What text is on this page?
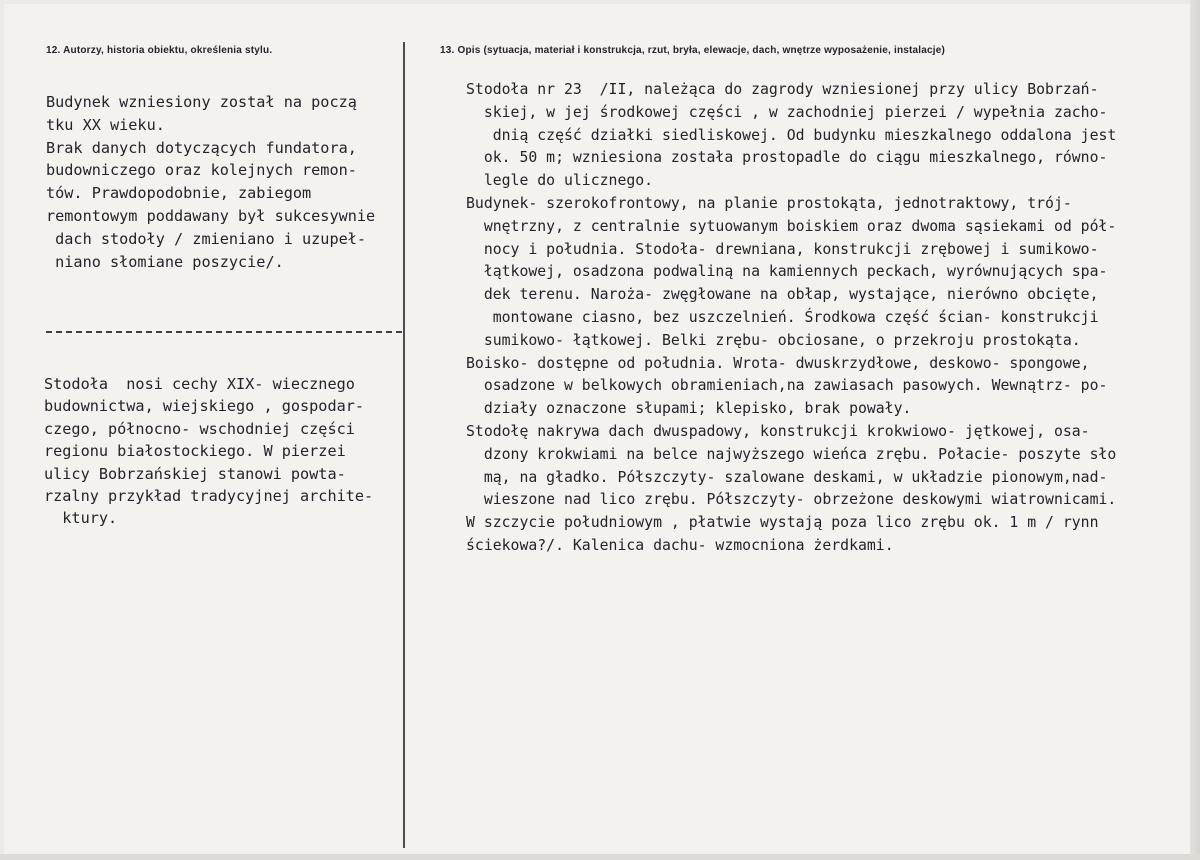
12. Autorzy, historia obiektu, określenia stylu.	13. Opis (sytuacja, materiał i konstrukcja, rzut, bryła, elewacje, dach, wnętrze wyposażenie, instalacje)
Budynek wzniesiony został na począ
tku XX wieku.
Brak danych dotyczących fundatora,
budowniczego oraz kolejnych remon-
tów. Prawdopodobnie, zabiegom
remontowym poddawany był sukcesywnie
dach stodoły / zmieniano i uzupeł-
niano słomiane poszycie/.
Stodoła  nosi cechy XIX- wiecznego
budownictwa, wiejskiego , gospodar-
czego, północno- wschodniej części
regionu białostockiego. W pierzei
ulicy Bobrzańskiej stanowi powta-
rzalny przykład tradycyjnej archite-
ktury.
Stodoła nr 23  /II, należąca do zagrody wzniesionej przy ulicy Bobrzań-
skiej, w jej środkowej części , w zachodniej pierzei / wypełnia zacho-
dnią część działki siedliskowej. Od budynku mieszkalnego oddalona jest
ok. 50 m; wzniesiona została prostopadle do ciągu mieszkalnego, równo-
legle do ulicznego.
Budynek- szerokofrontowy, na planie prostokąta, jednotraktowy, trój-
wnętrzny, z centralnie sytuowanym boiskiem oraz dwoma sąsiekami od pół-
nocy i południa. Stodoła- drewniana, konstrukcji zrębowej i sumikowo-
łątkowej, osadzona podwaliną na kamiennych peckach, wyrównujących spa-
dek terenu. Naroża- zwęgłowane na obłap, wystające, nierówno obcięte,
montowane ciasno, bez uszczelnień. Środkowa część ścian- konstrukcji
sumikowo- łątkowej. Belki zrębu- obciosane, o przekroju prostokąta.
Boisko- dostępne od południa. Wrota- dwuskrzydłowe, deskowo- spongowe,
osadzone w belkowych obramieniach,na zawiasach pasowych. Wewnątrz- po-
działy oznaczone słupami; klepisko, brak powały.
Stodołę nakrywa dach dwuspadowy, konstrukcji krokwiowo- jętkowej, osa-
dzony krokwiami na belce najwyższego wieńca zrębu. Połacie- poszyte sło
mą, na gładko. Półszczyty- szalowane deskami, w układzie pionowym,nad-
wieszone nad lico zrębu. Półszczyty- obrzeżone deskowymi wiatrownicami.
W szczycie południowym , płatwie wystają poza lico zrębu ok. 1 m / rynn
ściekowa?/. Kalenica dachu- wzmocniona żerdkami.
